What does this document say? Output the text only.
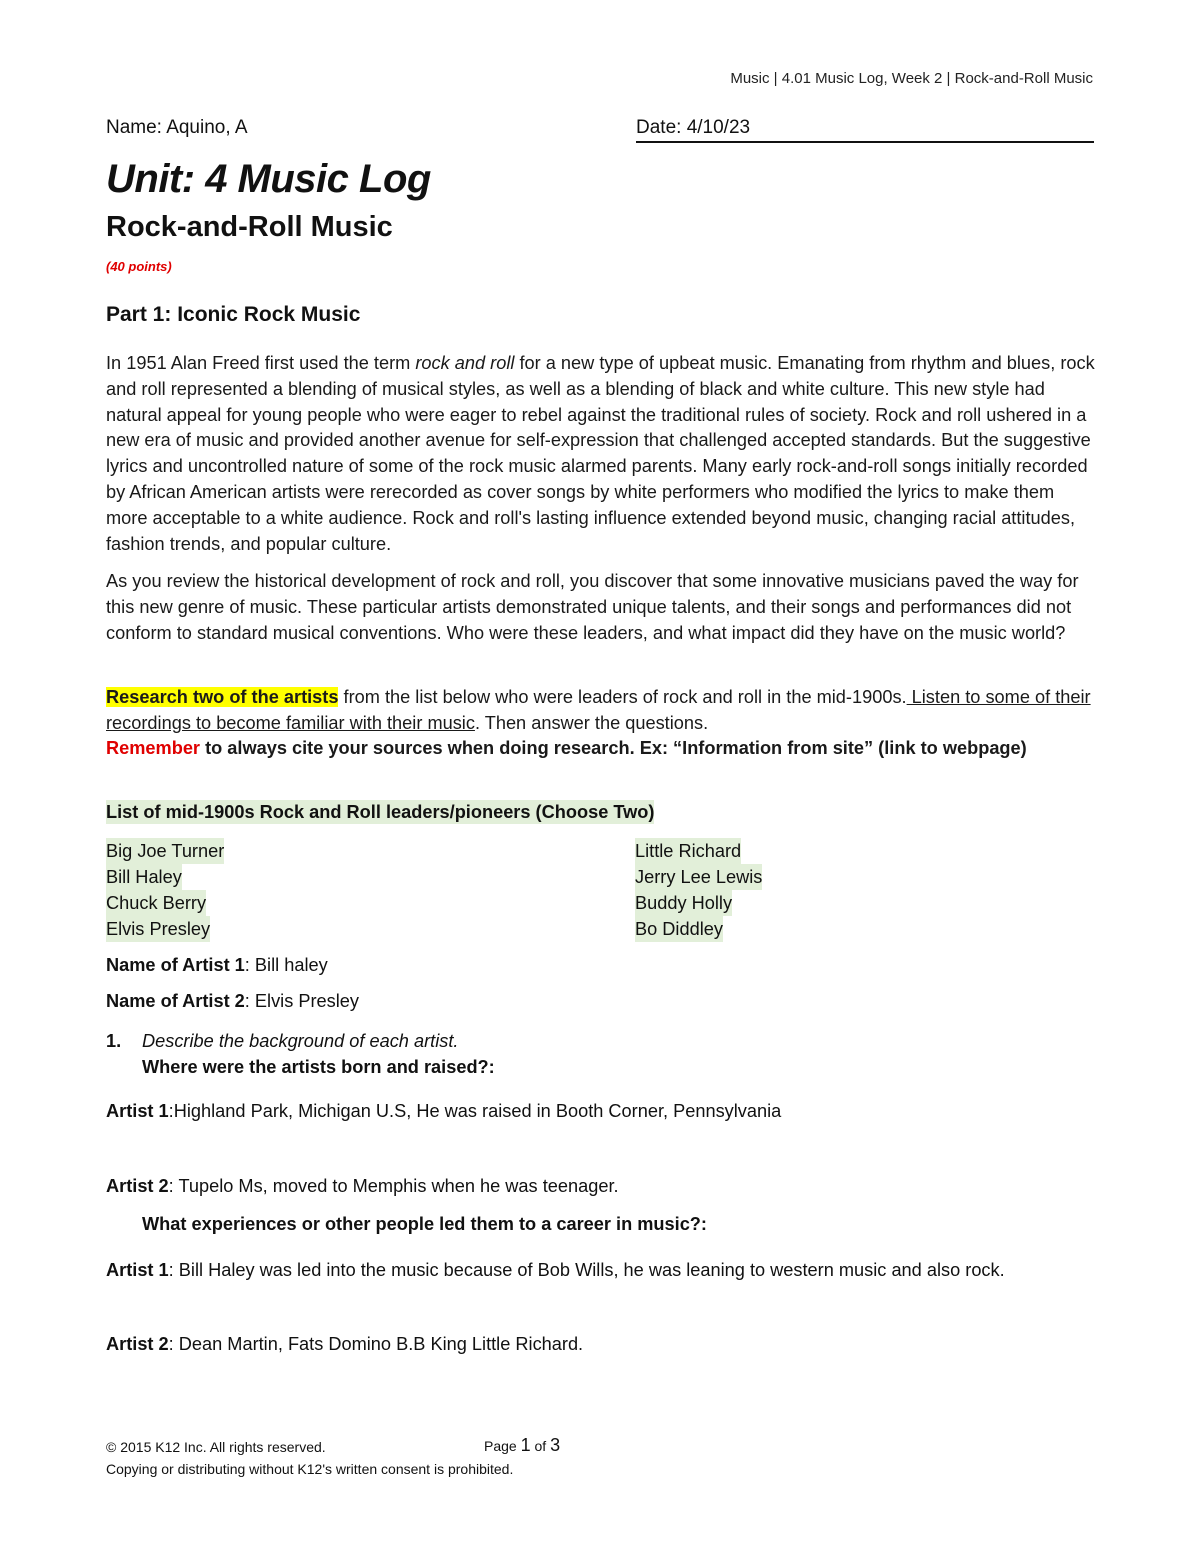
Music | 4.01 Music Log, Week 2 | Rock-and-Roll Music
Name: Aquino, A	Date: 4/10/23
Unit: 4 Music Log
Rock-and-Roll Music
(40 points)
Part 1: Iconic Rock Music

In 1951 Alan Freed first used the term rock and roll for a new type of upbeat music. Emanating from rhythm and blues, rock and roll represented a blending of musical styles, as well as a blending of black and white culture. This new style had natural appeal for young people who were eager to rebel against the traditional rules of society. Rock and roll ushered in a new era of music and provided another avenue for self-expression that challenged accepted standards. But the suggestive lyrics and uncontrolled nature of some of the rock music alarmed parents. Many early rock-and-roll songs initially recorded by African American artists were rerecorded as cover songs by white performers who modified the lyrics to make them more acceptable to a white audience. Rock and roll's lasting influence extended beyond music, changing racial attitudes, fashion trends, and popular culture.

As you review the historical development of rock and roll, you discover that some innovative musicians paved the way for this new genre of music. These particular artists demonstrated unique talents, and their songs and performances did not conform to standard musical conventions. Who were these leaders, and what impact did they have on the music world?

Research two of the artists from the list below who were leaders of rock and roll in the mid-1900s. Listen to some of their recordings to become familiar with their music. Then answer the questions.

Remember to always cite your sources when doing research. Ex: “Information from site” (link to webpage)

List of mid-1900s Rock and Roll leaders/pioneers (Choose Two)
Big Joe Turner
Bill Haley
Chuck Berry
Elvis Presley
Little Richard
Jerry Lee Lewis
Buddy Holly
Bo Diddley
Name of Artist 1: Bill haley
Name of Artist 2: Elvis Presley
1. Describe the background of each artist.
Where were the artists born and raised?:
Artist 1:Highland Park, Michigan U.S, He was raised in Booth Corner, Pennsylvania
Artist 2: Tupelo Ms, moved to Memphis when he was teenager.
What experiences or other people led them to a career in music?:
Artist 1: Bill Haley was led into the music because of Bob Wills, he was leaning to western music and also rock.
Artist 2: Dean Martin, Fats Domino B.B King Little Richard.
© 2015 K12 Inc. All rights reserved.	Page 1 of 3
Copying or distributing without K12's written consent is prohibited.
